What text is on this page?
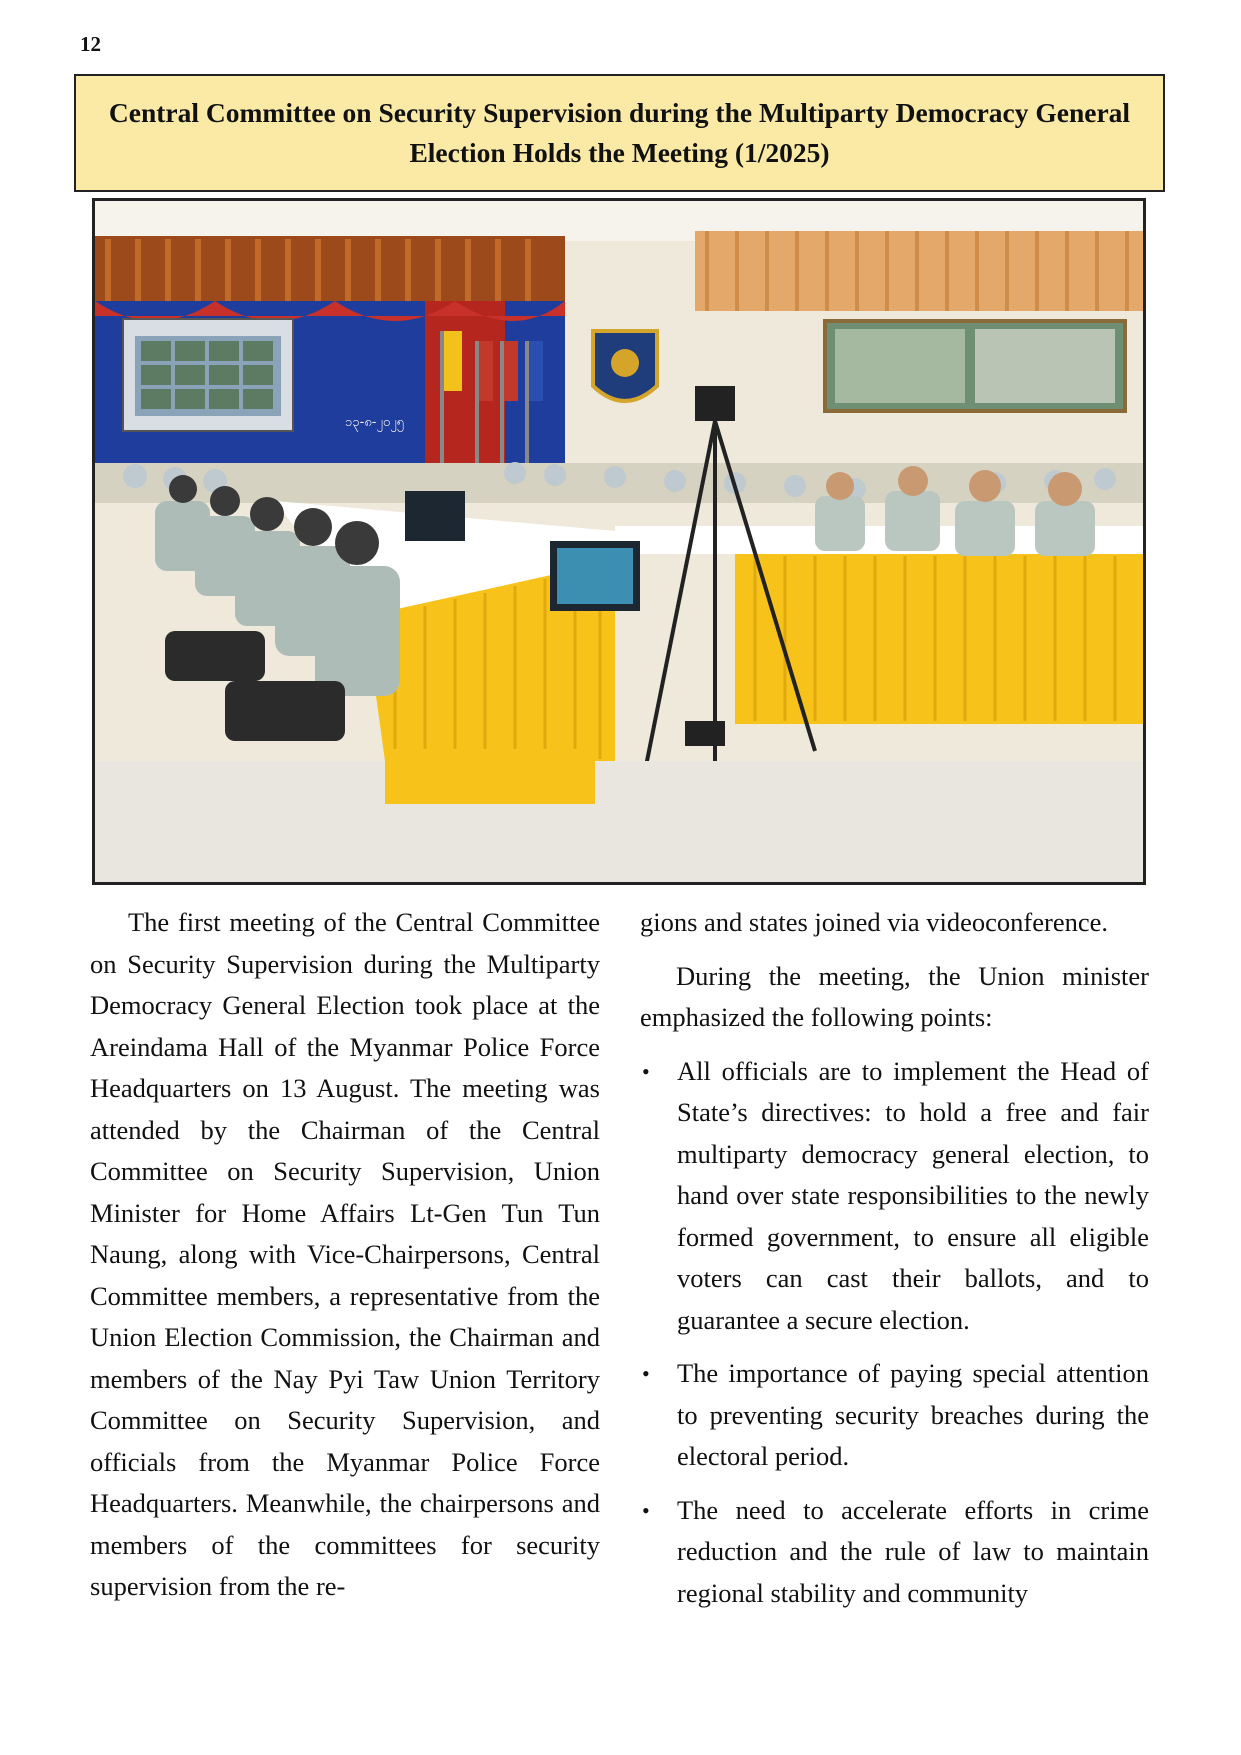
12
Central Committee on Security Supervision during the Multiparty Democracy General Election Holds the Meeting (1/2025)
၁၃-၈-၂၀၂၅

The first meeting of the Central Committee on Security Supervision during the Multiparty Democracy General Election took place at the Areindama Hall of the Myanmar Police Force Headquarters on 13 August. The meeting was attended by the Chairman of the Central Committee on Security Supervision, Union Minister for Home Affairs Lt-Gen Tun Tun Naung, along with Vice-Chairpersons, Central Committee members, a representative from the Union Election Commission, the Chairman and members of the Nay Pyi Taw Union Territory Committee on Security Supervision, and officials from the Myanmar Police Force Headquarters. Meanwhile, the chairpersons and members of the committees for security supervision from the re-

gions and states joined via videoconference.

During the meeting, the Union minister emphasized the following points:

• All officials are to implement the Head of State’s directives: to hold a free and fair multiparty democracy general election, to hand over state responsibilities to the newly formed government, to ensure all eligible voters can cast their ballots, and to guarantee a secure election.
• The importance of paying special attention to preventing security breaches during the electoral period.
• The need to accelerate efforts in crime reduction and the rule of law to maintain regional stability and community
